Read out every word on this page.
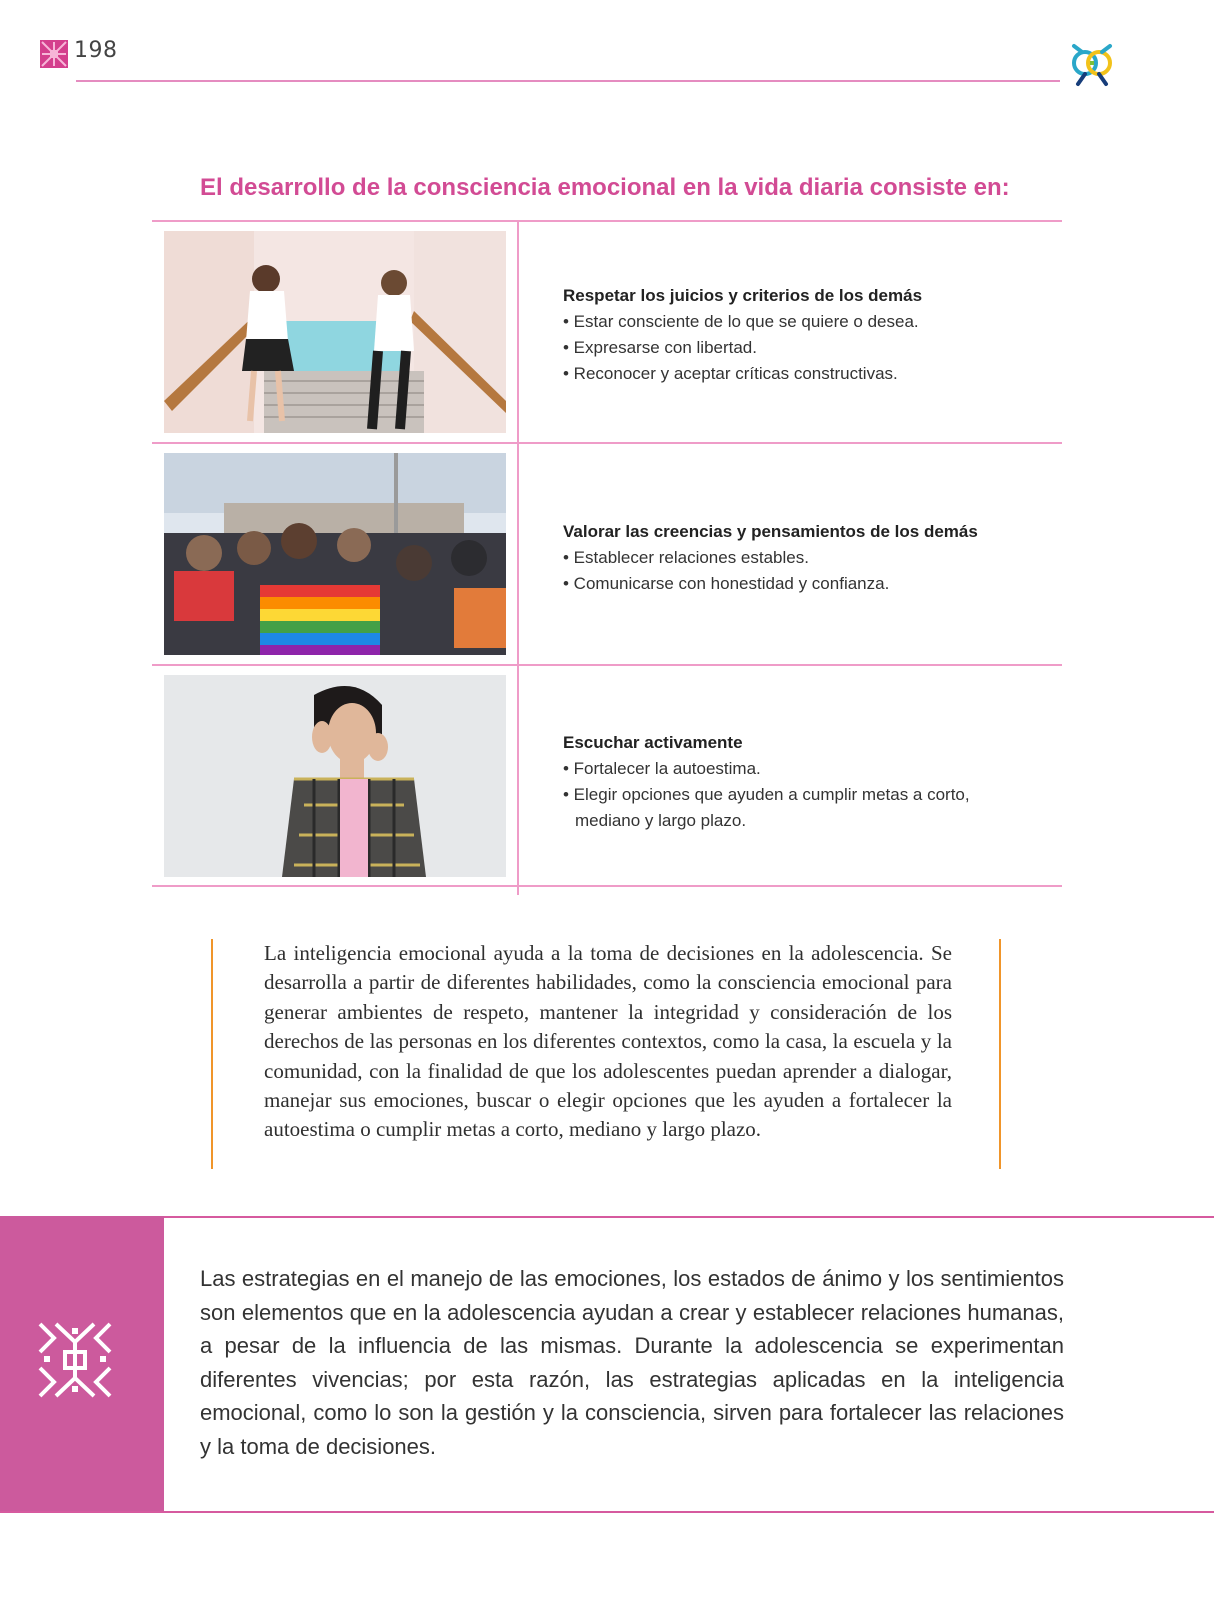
198
El desarrollo de la consciencia emocional en la vida diaria consiste en:
Respetar los juicios y criterios de los demás
• Estar consciente de lo que se quiere o desea.
• Expresarse con libertad.
• Reconocer y aceptar críticas constructivas.
Valorar las creencias y pensamientos de los demás
• Establecer relaciones estables.
• Comunicarse con honestidad y confianza.
Escuchar activamente
• Fortalecer la autoestima.
• Elegir opciones que ayuden a cumplir metas a corto, mediano y largo plazo.
La inteligencia emocional ayuda a la toma de decisiones en la adolescencia. Se desarrolla a partir de diferentes habilidades, como la consciencia emocional para generar ambientes de respeto, mantener la integridad y consideración de los derechos de las personas en los diferentes contextos, como la casa, la escuela y la comunidad, con la finalidad de que los adolescentes puedan aprender a dialogar, manejar sus emociones, buscar o elegir opciones que les ayuden a fortalecer la autoestima o cumplir metas a corto, mediano y largo plazo.
Las estrategias en el manejo de las emociones, los estados de ánimo y los sentimientos son elementos que en la adolescencia ayudan a crear y establecer relaciones humanas, a pesar de la influencia de las mismas. Durante la adolescencia se experimentan diferentes vivencias; por esta razón, las estrategias aplicadas en la inteligencia emocional, como lo son la gestión y la consciencia, sirven para fortalecer las relaciones y la toma de decisiones.
